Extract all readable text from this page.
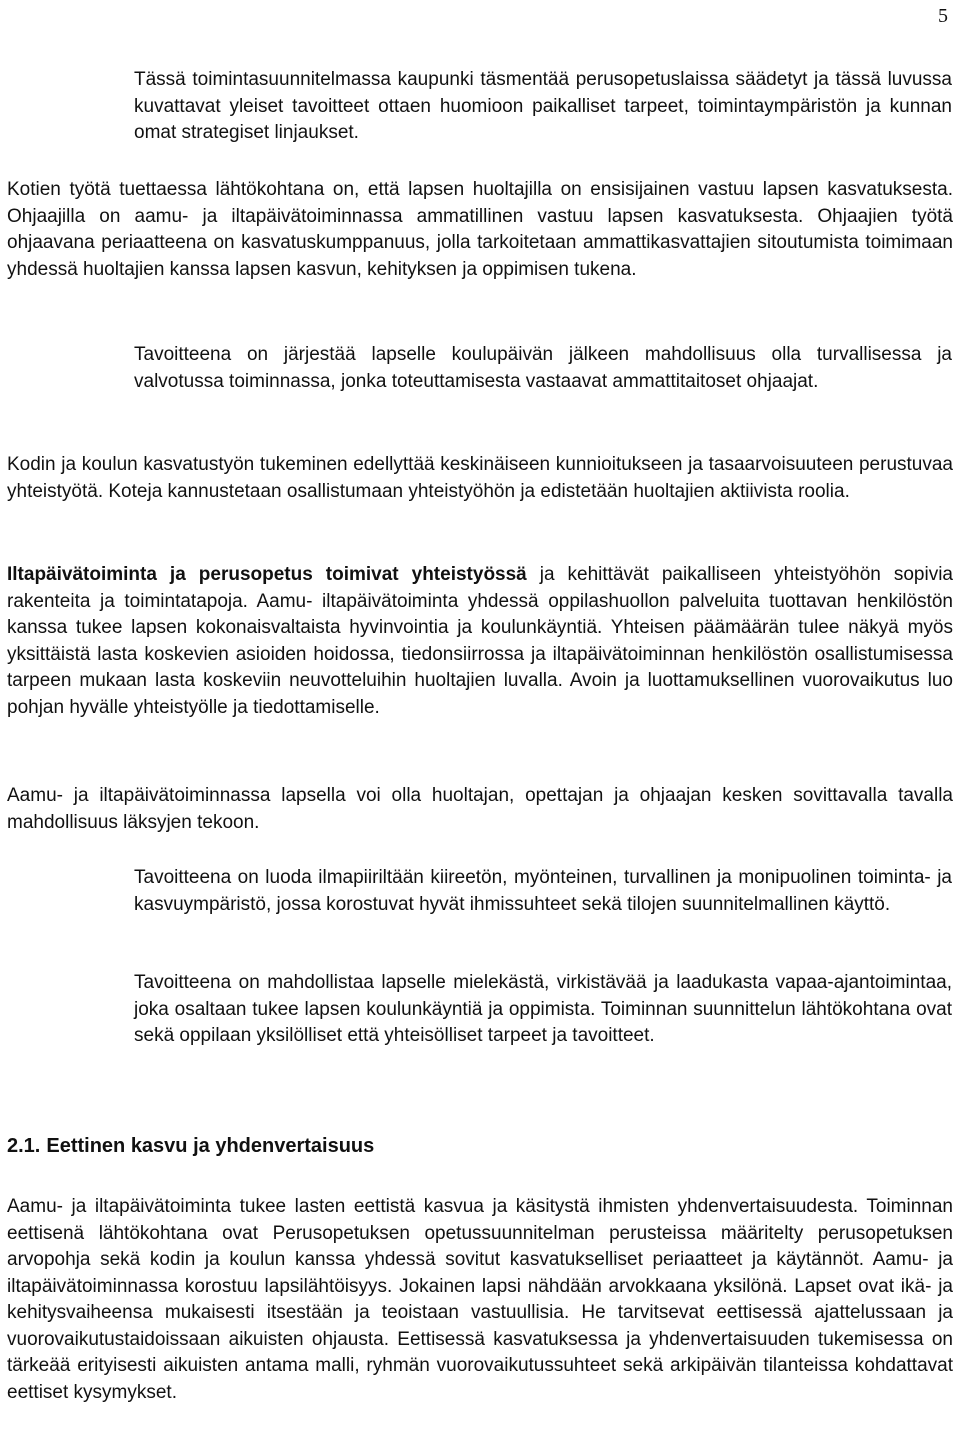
5

Tässä toimintasuunnitelmassa kaupunki täsmentää perusopetuslaissa säädetyt ja tässä luvussa kuvattavat yleiset tavoitteet ottaen huomioon paikalliset tarpeet, toimintaympäristön ja kunnan omat strategiset linjaukset.

Kotien työtä tuettaessa lähtökohtana on, että lapsen huoltajilla on ensisijainen vastuu lapsen kasvatuksesta. Ohjaajilla on aamu- ja iltapäivätoiminnassa ammatillinen vastuu lapsen kasvatuksesta. Ohjaajien työtä ohjaavana periaatteena on kasvatuskumppanuus, jolla tarkoitetaan ammattikasvattajien sitoutumista toimimaan yhdessä huoltajien kanssa lapsen kasvun, kehityksen ja oppimisen tukena.

Tavoitteena on järjestää lapselle koulupäivän jälkeen mahdollisuus olla turvallisessa ja valvotussa toiminnassa, jonka toteuttamisesta vastaavat ammattitaitoset ohjaajat.

Kodin ja koulun kasvatustyön tukeminen edellyttää keskinäiseen kunnioitukseen ja tasaarvoisuuteen perustuvaa yhteistyötä. Koteja kannustetaan osallistumaan yhteistyöhön ja edistetään huoltajien aktiivista roolia.

Iltapäivätoiminta ja perusopetus toimivat yhteistyössä ja kehittävät paikalliseen yhteistyöhön sopivia rakenteita ja toimintatapoja. Aamu- iltapäivätoiminta yhdessä oppilashuollon palveluita tuottavan henkilöstön kanssa tukee lapsen kokonaisvaltaista hyvinvointia ja koulunkäyntiä. Yhteisen päämäärän tulee näkyä myös yksittäistä lasta koskevien asioiden hoidossa, tiedonsiirrossa ja iltapäivätoiminnan henkilöstön osallistumisessa tarpeen mukaan lasta koskeviin neuvotteluihin huoltajien luvalla. Avoin ja luottamuksellinen vuorovaikutus luo pohjan hyvälle yhteistyölle ja tiedottamiselle.

Aamu- ja iltapäivätoiminnassa lapsella voi olla huoltajan, opettajan ja ohjaajan kesken sovittavalla tavalla mahdollisuus läksyjen tekoon.

Tavoitteena on luoda ilmapiiriltään kiireetön, myönteinen, turvallinen ja monipuolinen toiminta- ja kasvuympäristö, jossa korostuvat hyvät ihmissuhteet sekä tilojen suunnitelmallinen käyttö.

Tavoitteena on mahdollistaa lapselle mielekästä, virkistävää ja laadukasta vapaa-ajantoimintaa, joka osaltaan tukee lapsen koulunkäyntiä ja oppimista. Toiminnan suunnittelun lähtökohtana ovat sekä oppilaan yksilölliset että yhteisölliset tarpeet ja tavoitteet.

2.1. Eettinen kasvu ja yhdenvertaisuus

Aamu- ja iltapäivätoiminta tukee lasten eettistä kasvua ja käsitystä ihmisten yhdenvertaisuudesta. Toiminnan eettisenä lähtökohtana ovat Perusopetuksen opetussuunnitelman perusteissa määritelty perusopetuksen arvopohja sekä kodin ja koulun kanssa yhdessä sovitut kasvatukselliset periaatteet ja käytännöt. Aamu- ja iltapäivätoiminnassa korostuu lapsilähtöisyys. Jokainen lapsi nähdään arvokkaana yksilönä. Lapset ovat ikä- ja kehitysvaiheensa mukaisesti itsestään ja teoistaan vastuullisia. He tarvitsevat eettisessä ajattelussaan ja vuorovaikutustaidoissaan aikuisten ohjausta. Eettisessä kasvatuksessa ja yhdenvertaisuuden tukemisessa on tärkeää erityisesti aikuisten antama malli, ryhmän vuorovaikutussuhteet sekä arkipäivän tilanteissa kohdattavat eettiset kysymykset.
